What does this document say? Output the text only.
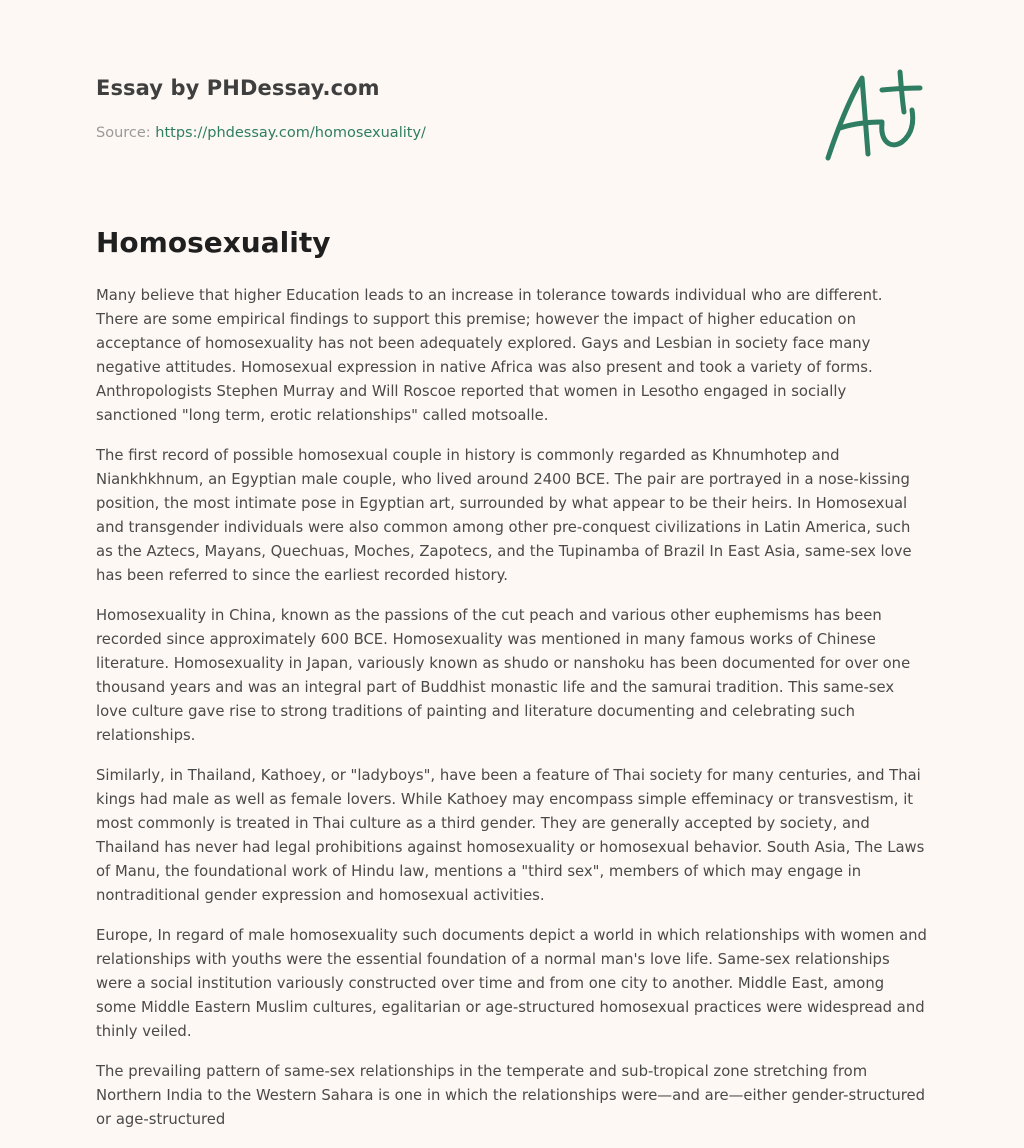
Essay by PHDessay.com
Source: https://phdessay.com/homosexuality/
Homosexuality

Many believe that higher Education leads to an increase in tolerance towards individual who are different. There are some empirical findings to support this premise; however the impact of higher education on acceptance of homosexuality has not been adequately explored. Gays and Lesbian in society face many negative attitudes. Homosexual expression in native Africa was also present and took a variety of forms. Anthropologists Stephen Murray and Will Roscoe reported that women in Lesotho engaged in socially sanctioned "long term, erotic relationships" called motsoalle.

The first record of possible homosexual couple in history is commonly regarded as Khnumhotep and Niankhkhnum, an Egyptian male couple, who lived around 2400 BCE. The pair are portrayed in a nose-kissing position, the most intimate pose in Egyptian art, surrounded by what appear to be their heirs. In Homosexual and transgender individuals were also common among other pre-conquest civilizations in Latin America, such as the Aztecs, Mayans, Quechuas, Moches, Zapotecs, and the Tupinamba of Brazil In East Asia, same-sex love has been referred to since the earliest recorded history.

Homosexuality in China, known as the passions of the cut peach and various other euphemisms has been recorded since approximately 600 BCE. Homosexuality was mentioned in many famous works of Chinese literature. Homosexuality in Japan, variously known as shudo or nanshoku has been documented for over one thousand years and was an integral part of Buddhist monastic life and the samurai tradition. This same-sex love culture gave rise to strong traditions of painting and literature documenting and celebrating such relationships.

Similarly, in Thailand, Kathoey, or "ladyboys", have been a feature of Thai society for many centuries, and Thai kings had male as well as female lovers. While Kathoey may encompass simple effeminacy or transvestism, it most commonly is treated in Thai culture as a third gender. They are generally accepted by society, and Thailand has never had legal prohibitions against homosexuality or homosexual behavior. South Asia, The Laws of Manu, the foundational work of Hindu law, mentions a "third sex", members of which may engage in nontraditional gender expression and homosexual activities.

Europe, In regard of male homosexuality such documents depict a world in which relationships with women and relationships with youths were the essential foundation of a normal man's love life. Same-sex relationships were a social institution variously constructed over time and from one city to another. Middle East, among some Middle Eastern Muslim cultures, egalitarian or age-structured homosexual practices were widespread and thinly veiled.

The prevailing pattern of same-sex relationships in the temperate and sub-tropical zone stretching from Northern India to the Western Sahara is one in which the relationships were—and are—either gender-structured or age-structured
